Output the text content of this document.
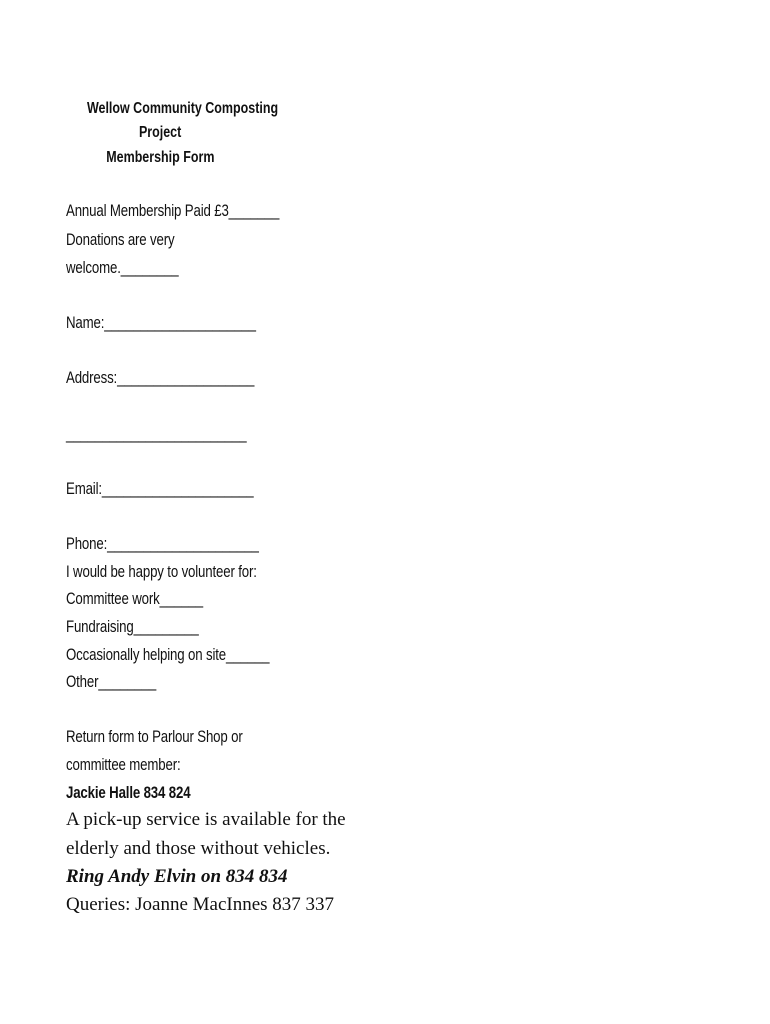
Wellow Community Composting
Project
Membership Form
Annual Membership Paid £3_______
Donations are very
welcome.________
Name:_____________________
Address:___________________
_________________________
Email:_____________________
Phone:_____________________
I would be happy to volunteer for:
Committee work______
Fundraising_________
Occasionally helping on site______
Other________
Return form to Parlour Shop or
committee member:
Jackie Halle 834 824
A pick-up service is available for the
elderly and those without vehicles.
Ring Andy Elvin on 834 834
Queries: Joanne MacInnes 837 337
